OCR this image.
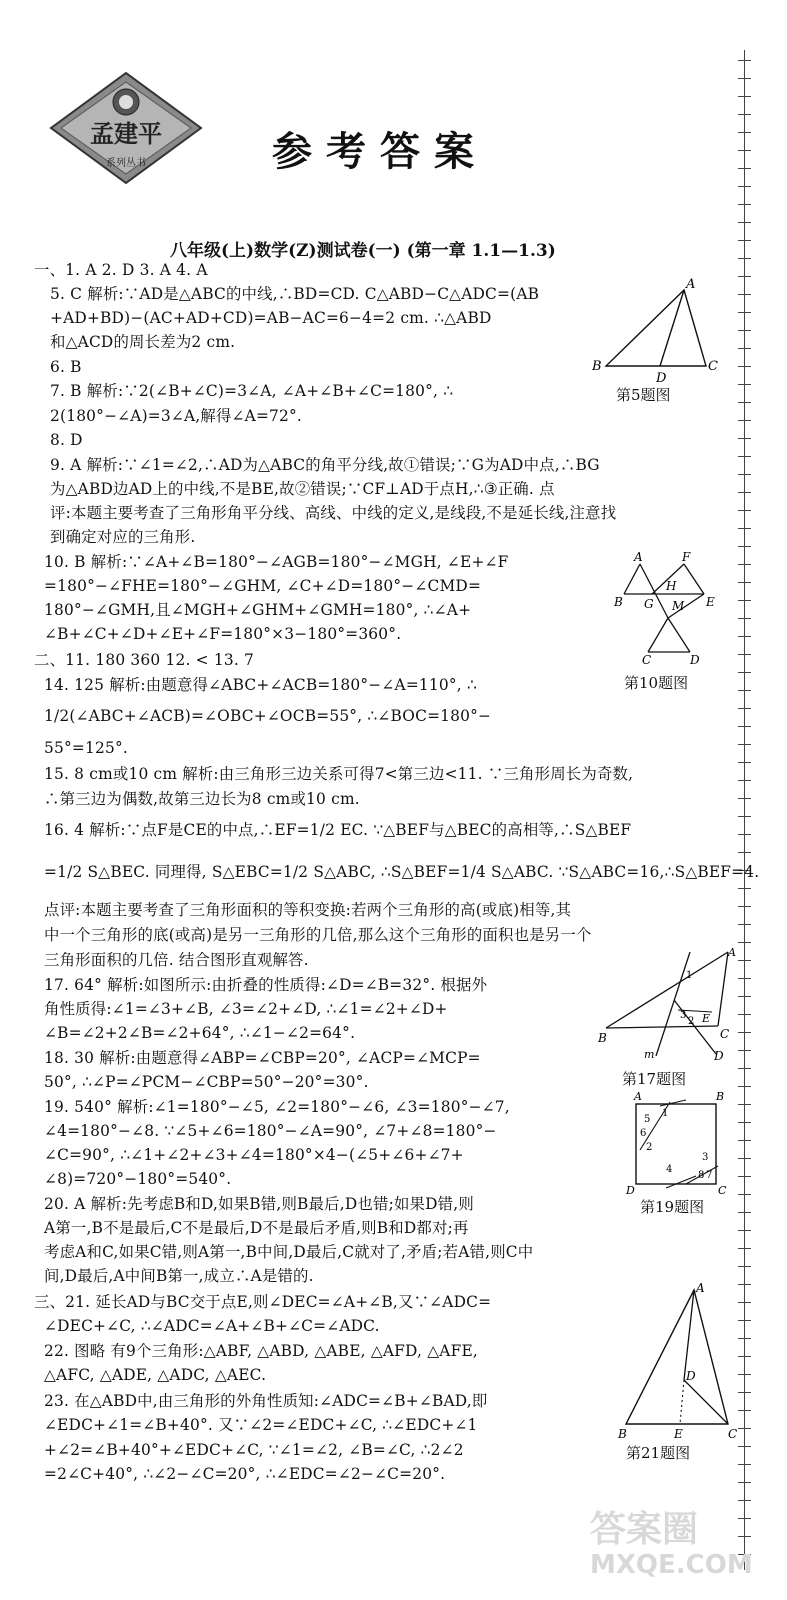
孟建平
系列丛书	参考答案
八年级(上)数学(Z)测试卷(一) (第一章 1.1—1.3)
一、1. A 2. D 3. A 4. A
5. C 解析:∵AD是△ABC的中线,∴BD=CD. C△ABD−C△ADC=(AB
+AD+BD)−(AC+AD+CD)=AB−AC=6−4=2 cm. ∴△ABD
和△ACD的周长差为2 cm.
6. B
7. B 解析:∵2(∠B+∠C)=3∠A, ∠A+∠B+∠C=180°, ∴
2(180°−∠A)=3∠A,解得∠A=72°.
8. D
9. A 解析:∵∠1=∠2,∴AD为△ABC的角平分线,故①错误;∵G为AD中点,∴BG
为△ABD边AD上的中线,不是BE,故②错误;∵CF⊥AD于点H,∴③正确. 点
评:本题主要考查了三角形角平分线、高线、中线的定义,是线段,不是延长线,注意找
到确定对应的三角形.
10. B 解析:∵∠A+∠B=180°−∠AGB=180°−∠MGH, ∠E+∠F
=180°−∠FHE=180°−∠GHM, ∠C+∠D=180°−∠CMD=
180°−∠GMH,且∠MGH+∠GHM+∠GMH=180°, ∴∠A+
∠B+∠C+∠D+∠E+∠F=180°×3−180°=360°.
二、11. 180 360 12. < 13. 7
14. 125 解析:由题意得∠ABC+∠ACB=180°−∠A=110°, ∴
1/2(∠ABC+∠ACB)=∠OBC+∠OCB=55°, ∴∠BOC=180°−
55°=125°.
15. 8 cm或10 cm 解析:由三角形三边关系可得7<第三边<11. ∵三角形周长为奇数,
∴第三边为偶数,故第三边长为8 cm或10 cm.
16. 4 解析:∵点F是CE的中点,∴EF=1/2 EC. ∵△BEF与△BEC的高相等,∴S△BEF
=1/2 S△BEC. 同理得, S△EBC=1/2 S△ABC, ∴S△BEF=1/4 S△ABC. ∵S△ABC=16,∴S△BEF=4.
点评:本题主要考查了三角形面积的等积变换:若两个三角形的高(或底)相等,其
中一个三角形的底(或高)是另一三角形的几倍,那么这个三角形的面积也是另一个
三角形面积的几倍. 结合图形直观解答.
17. 64° 解析:如图所示:由折叠的性质得:∠D=∠B=32°. 根据外
角性质得:∠1=∠3+∠B, ∠3=∠2+∠D, ∴∠1=∠2+∠D+
∠B=∠2+2∠B=∠2+64°, ∴∠1−∠2=64°.
18. 30 解析:由题意得∠ABP=∠CBP=20°, ∠ACP=∠MCP=
50°, ∴∠P=∠PCM−∠CBP=50°−20°=30°.
19. 540° 解析:∠1=180°−∠5, ∠2=180°−∠6, ∠3=180°−∠7,
∠4=180°−∠8. ∵∠5+∠6=180°−∠A=90°, ∠7+∠8=180°−
∠C=90°, ∴∠1+∠2+∠3+∠4=180°×4−(∠5+∠6+∠7+
∠8)=720°−180°=540°.
20. A 解析:先考虑B和D,如果B错,则B最后,D也错;如果D错,则
A第一,B不是最后,C不是最后,D不是最后矛盾,则B和D都对;再
考虑A和C,如果C错,则A第一,B中间,D最后,C就对了,矛盾;若A错,则C中
间,D最后,A中间B第一,成立∴A是错的.
三、21. 延长AD与BC交于点E,则∠DEC=∠A+∠B,又∵∠ADC=
∠DEC+∠C, ∴∠ADC=∠A+∠B+∠C=∠ADC.
22. 图略 有9个三角形:△ABF, △ABD, △ABE, △AFD, △AFE,
△AFC, △ADE, △ADC, △AEC.
23. 在△ABD中,由三角形的外角性质知:∠ADC=∠B+∠BAD,即
∠EDC+∠1=∠B+40°. 又∵∠2=∠EDC+∠C, ∴∠EDC+∠1
+∠2=∠B+40°+∠EDC+∠C, ∵∠1=∠2, ∠B=∠C, ∴2∠2
=2∠C+40°, ∴∠2−∠C=20°, ∴∠EDC=∠2−∠C=20°.
A
B	C
D
第5题图
A	F
H
B G M E
C	D
第10题图
A
B	C
D
E
m
1
2
3
第17题图
A	B
C
D
5
6
2
1
3
4
8 7
第19题图
A
D
B	E	C
第21题图
答案圈
MXQE.COM
